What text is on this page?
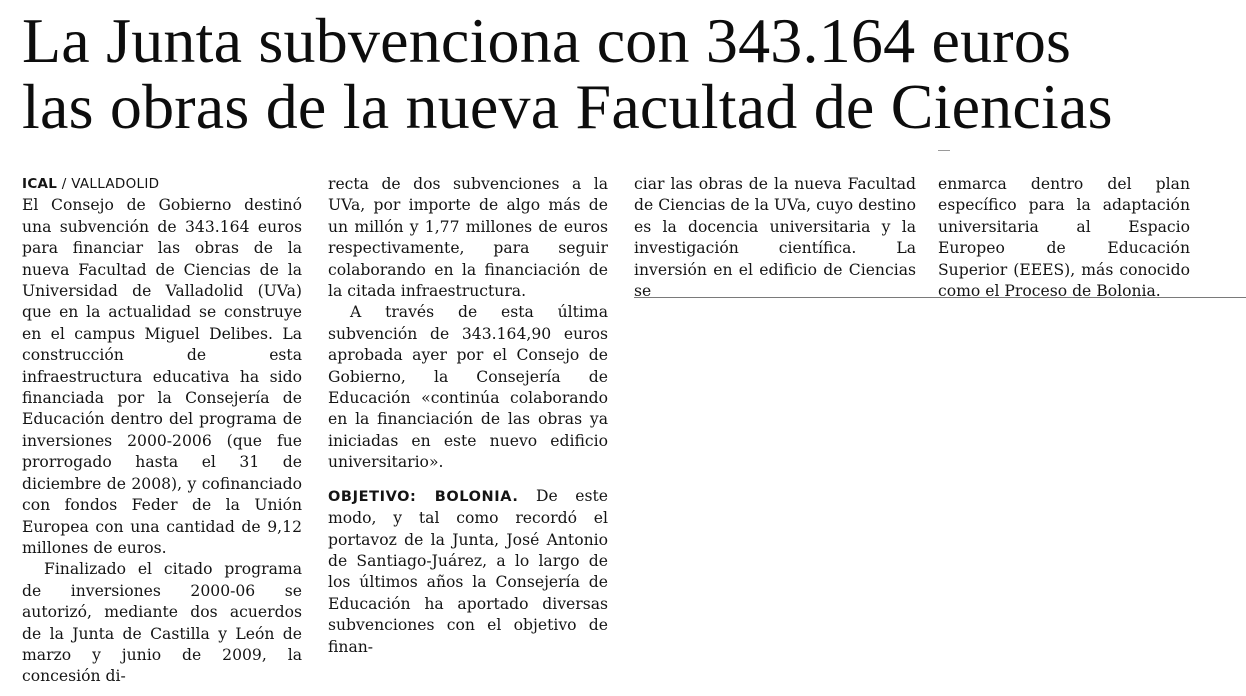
La Junta subvenciona con 343.164 euros
las obras de la nueva Facultad de Ciencias
ICAL / VALLADOLID

El Consejo de Gobierno destinó una subvención de 343.164 euros para financiar las obras de la nueva Facultad de Ciencias de la Universidad de Valladolid (UVa) que en la actualidad se construye en el campus Miguel Delibes. La construcción de esta infraestructura educativa ha sido financiada por la Consejería de Educación dentro del programa de inversiones 2000-2006 (que fue prorrogado hasta el 31 de diciembre de 2008), y cofinanciado con fondos Feder de la Unión Europea con una cantidad de 9,12 millones de euros.

Finalizado el citado programa de inversiones 2000-06 se autorizó, mediante dos acuerdos de la Junta de Castilla y León de marzo y junio de 2009, la concesión di-

recta de dos subvenciones a la UVa, por importe de algo más de un millón y 1,77 millones de euros respectivamente, para seguir colaborando en la financiación de la citada infraestructura.

A través de esta última subvención de 343.164,90 euros aprobada ayer por el Consejo de Gobierno, la Consejería de Educación «continúa colaborando en la financiación de las obras ya iniciadas en este nuevo edificio universitario».

OBJETIVO: BOLONIA. De este modo, y tal como recordó el portavoz de la Junta, José Antonio de Santiago-Juárez, a lo largo de los últimos años la Consejería de Educación ha aportado diversas subvenciones con el objetivo de finan-

ciar las obras de la nueva Facultad de Ciencias de la UVa, cuyo destino es la docencia universitaria y la investigación científica. La inversión en el edificio de Ciencias se

enmarca dentro del plan específico para la adaptación universitaria al Espacio Europeo de Educación Superior (EEES), más conocido como el Proceso de Bolonia.
